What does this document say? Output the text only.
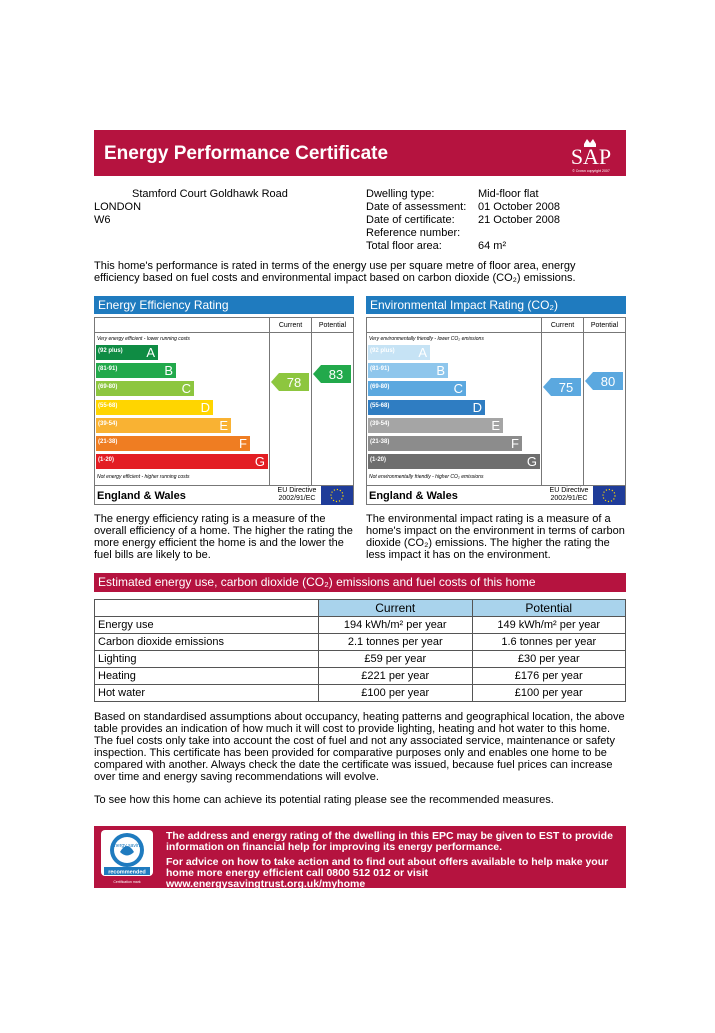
Energy Performance Certificate	SAP
© Crown copyright 2007
Stamford Court Goldhawk Road
LONDON
W6
Dwelling type:	Mid-floor flat
Date of assessment: 01 October 2008
Date of certificate: 21 October 2008
Reference number:
Total floor area:	64 m²
This home's performance is rated in terms of the energy use per square metre of floor area, energy efficiency based on fuel costs and environmental impact based on carbon dioxide (CO₂) emissions.
Energy Efficiency Rating
Current	Potential
Very energy efficient - lower running costs
Not energy efficient - higher running costs
(92 plus) A
(81-91)	B
(69-80)	C
(55-68)	D
(39-54)	E
(21-38)	F
(1-20)	G
78
83
England & Wales	EU Directive
2002/91/EC
Environmental Impact Rating (CO₂)
Current	Potential
Very environmentally friendly - lower CO₂ emissions
Not environmentally friendly - higher CO₂ emissions
(92 plus) A
(81-91)	B
(69-80)	C
(55-68)	D
(39-54)	E
(21-38)	F
(1-20)	G
75 80
England & Wales	EU Directive
2002/91/EC
The energy efficiency rating is a measure of the overall efficiency of a home. The higher the rating the more energy efficient the home is and the lower the fuel bills are likely to be.
The environmental impact rating is a measure of a home's impact on the environment in terms of carbon dioxide (CO₂) emissions. The higher the rating the less impact it has on the environment.
Estimated energy use, carbon dioxide (CO₂) emissions and fuel costs of this home
	Current	Potential
Energy use	194 kWh/m² per year	149 kWh/m² per year
Carbon dioxide emissions	2.1 tonnes per year	1.6 tonnes per year
Lighting	£59 per year	£30 per year
Heating	£221 per year	£176 per year
Hot water	£100 per year	£100 per year
Based on standardised assumptions about occupancy, heating patterns and geographical location, the above table provides an indication of how much it will cost to provide lighting, heating and hot water to this home. The fuel costs only take into account the cost of fuel and not any associated service, maintenance or safety inspection. This certificate has been provided for comparative purposes only and enables one home to be compared with another. Always check the date the certificate was issued, because fuel prices can increase over time and energy saving recommendations will evolve.
To see how this home can achieve its potential rating please see the recommended measures.
energy saving
recommended
Certification mark
The address and energy rating of the dwelling in this EPC may be given to EST to provide information on financial help for improving its energy performance.
For advice on how to take action and to find out about offers available to help make your home more energy efficient call 0800 512 012 or visit www.energysavingtrust.org.uk/myhome
